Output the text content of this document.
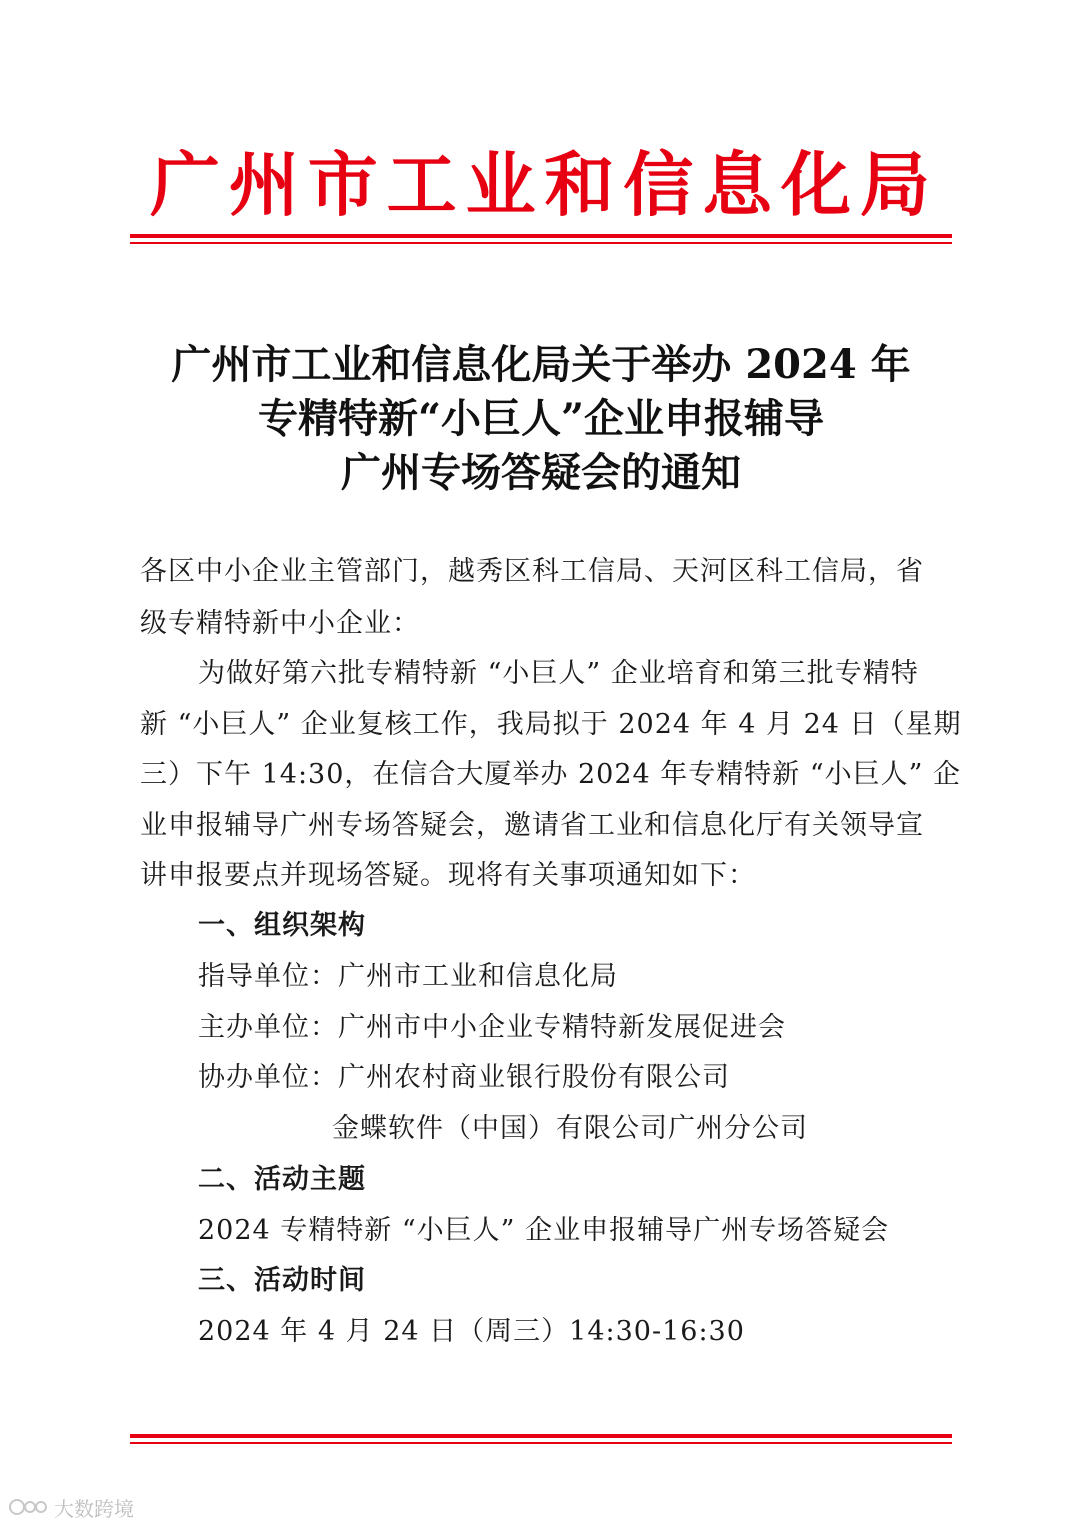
广 州 市 工 业 和 信 息 化 局
广州市工业和信息化局关于举办 2024 年
专精特新“小巨人”企业申报辅导
广州专场答疑会的通知
各区中小企业主管部门，越秀区科工信局、天河区科工信局，省
级专精特新中小企业：
为做好第六批专精特新 “小巨人” 企业培育和第三批专精特
新 “小巨人” 企业复核工作，我局拟于 2024 年 4 月 24 日（星期
三）下午 14:30，在信合大厦举办 2024 年专精特新 “小巨人” 企
业申报辅导广州专场答疑会，邀请省工业和信息化厅有关领导宣
讲申报要点并现场答疑。现将有关事项通知如下：
一、组织架构
指导单位：广州市工业和信息化局
主办单位：广州市中小企业专精特新发展促进会
协办单位：广州农村商业银行股份有限公司
金蝶软件（中国）有限公司广州分公司
二、活动主题
2024 专精特新 “小巨人” 企业申报辅导广州专场答疑会
三、活动时间
2024 年 4 月 24 日（周三）14:30-16:30
大数跨境
